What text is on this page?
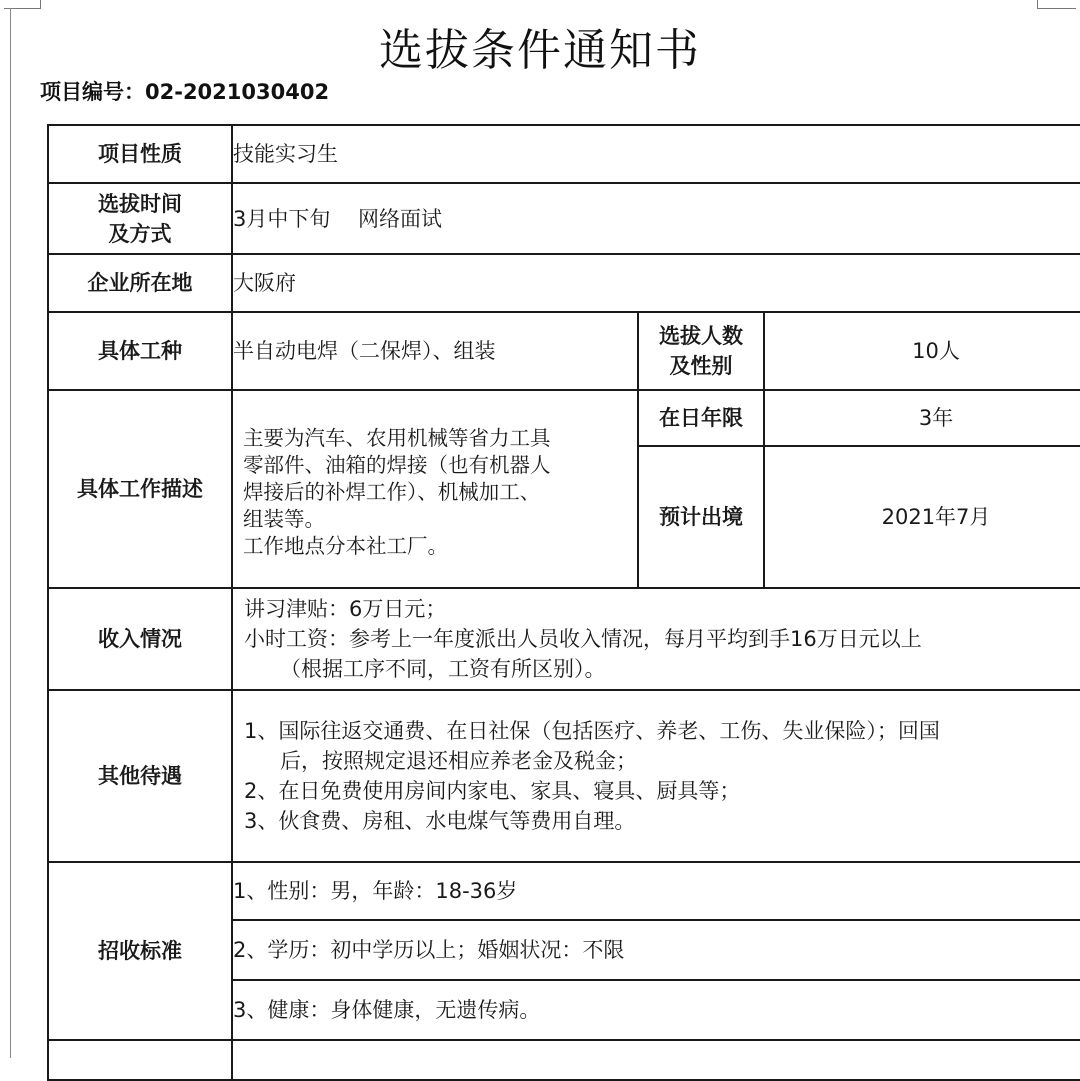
选拔条件通知书
项目编号：02-2021030402
项目性质	技能实习生		

选拔时间
及方式	3月中下旬　 网络面试		
企业所在地	大阪府		
具体工种	半自动电焊（二保焊）、组装	选拔人数
及性别	10人
具体工作描述	主要为汽车、农用机械等省力工具
零部件、油箱的焊接（也有机器人
焊接后的补焊工作）、机械加工、
组装等。
工作地点分本社工厂。	在日年限	3年
		预计出境	2021年7月
收入情况	讲习津贴：6万日元；
小时工资：参考上一年度派出人员收入情况，每月平均到手16万日元以上
（根据工序不同，工资有所区别）。		

其他待遇	1、国际往返交通费、在日社保（包括医疗、养老、工伤、失业保险）；回国
后，按照规定退还相应养老金及税金；
2、在日免费使用房间内家电、家具、寝具、厨具等；
3、伙食费、房租、水电煤气等费用自理。		

招收标准	1、性别：男，年龄：18-36岁		
	2、学历：初中学历以上；婚姻状况：不限		
	3、健康：身体健康，无遗传病。		
